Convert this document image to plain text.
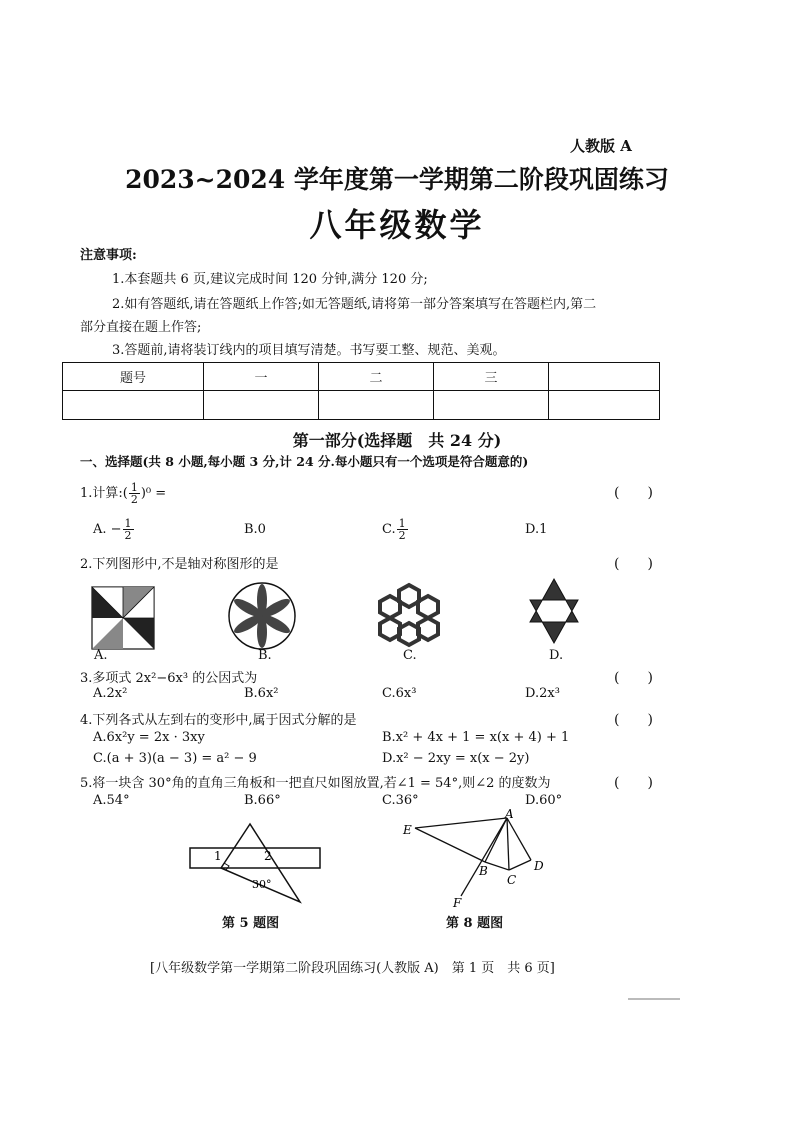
人教版 A
2023~2024 学年度第一学期第二阶段巩固练习
八年级数学
注意事项:
1.本套题共 6 页,建议完成时间 120 分钟,满分 120 分;
2.如有答题纸,请在答题纸上作答;如无答题纸,请将第一部分答案填写在答题栏内,第二
部分直接在题上作答;
3.答题前,请将装订线内的项目填写清楚。书写要工整、规范、美观。
题号	一	二	三	

第一部分(选择题　共 24 分)
一、选择题(共 8 小题,每小题 3 分,计 24 分.每小题只有一个选项是符合题意的)
1.计算:( $\frac{1}{2} )^0$ =	(　　)
A. − $\frac{1}{2}$	B.0	C. $\frac{1}{2}$	D.1
2.下列图形中,不是轴对称图形的是	(　　)
A.	B.	C.	D.
3.多项式 2x²−6x³ 的公因式为	(　　)
A.2x²	B.6x²	C.6x³	D.2x³
4.下列各式从左到右的变形中,属于因式分解的是	(　　)
A.6x²y = 2x · 3xy	B.x² + 4x + 1 = x(x + 4) + 1
C.(a + 3)(a − 3) = a² − 9	D.x² − 2xy = x(x − 2y)
5.将一块含 30°角的直角三角板和一把直尺如图放置,若∠1 = 54°,则∠2 的度数为	(　　)
A.54°	B.66°	C.36°	D.60°
1	2
30°
第 5 题图
E
A
B
C
D
F
第 8 题图
[八年级数学第一学期第二阶段巩固练习(人教版 A)　第 1 页　共 6 页]
